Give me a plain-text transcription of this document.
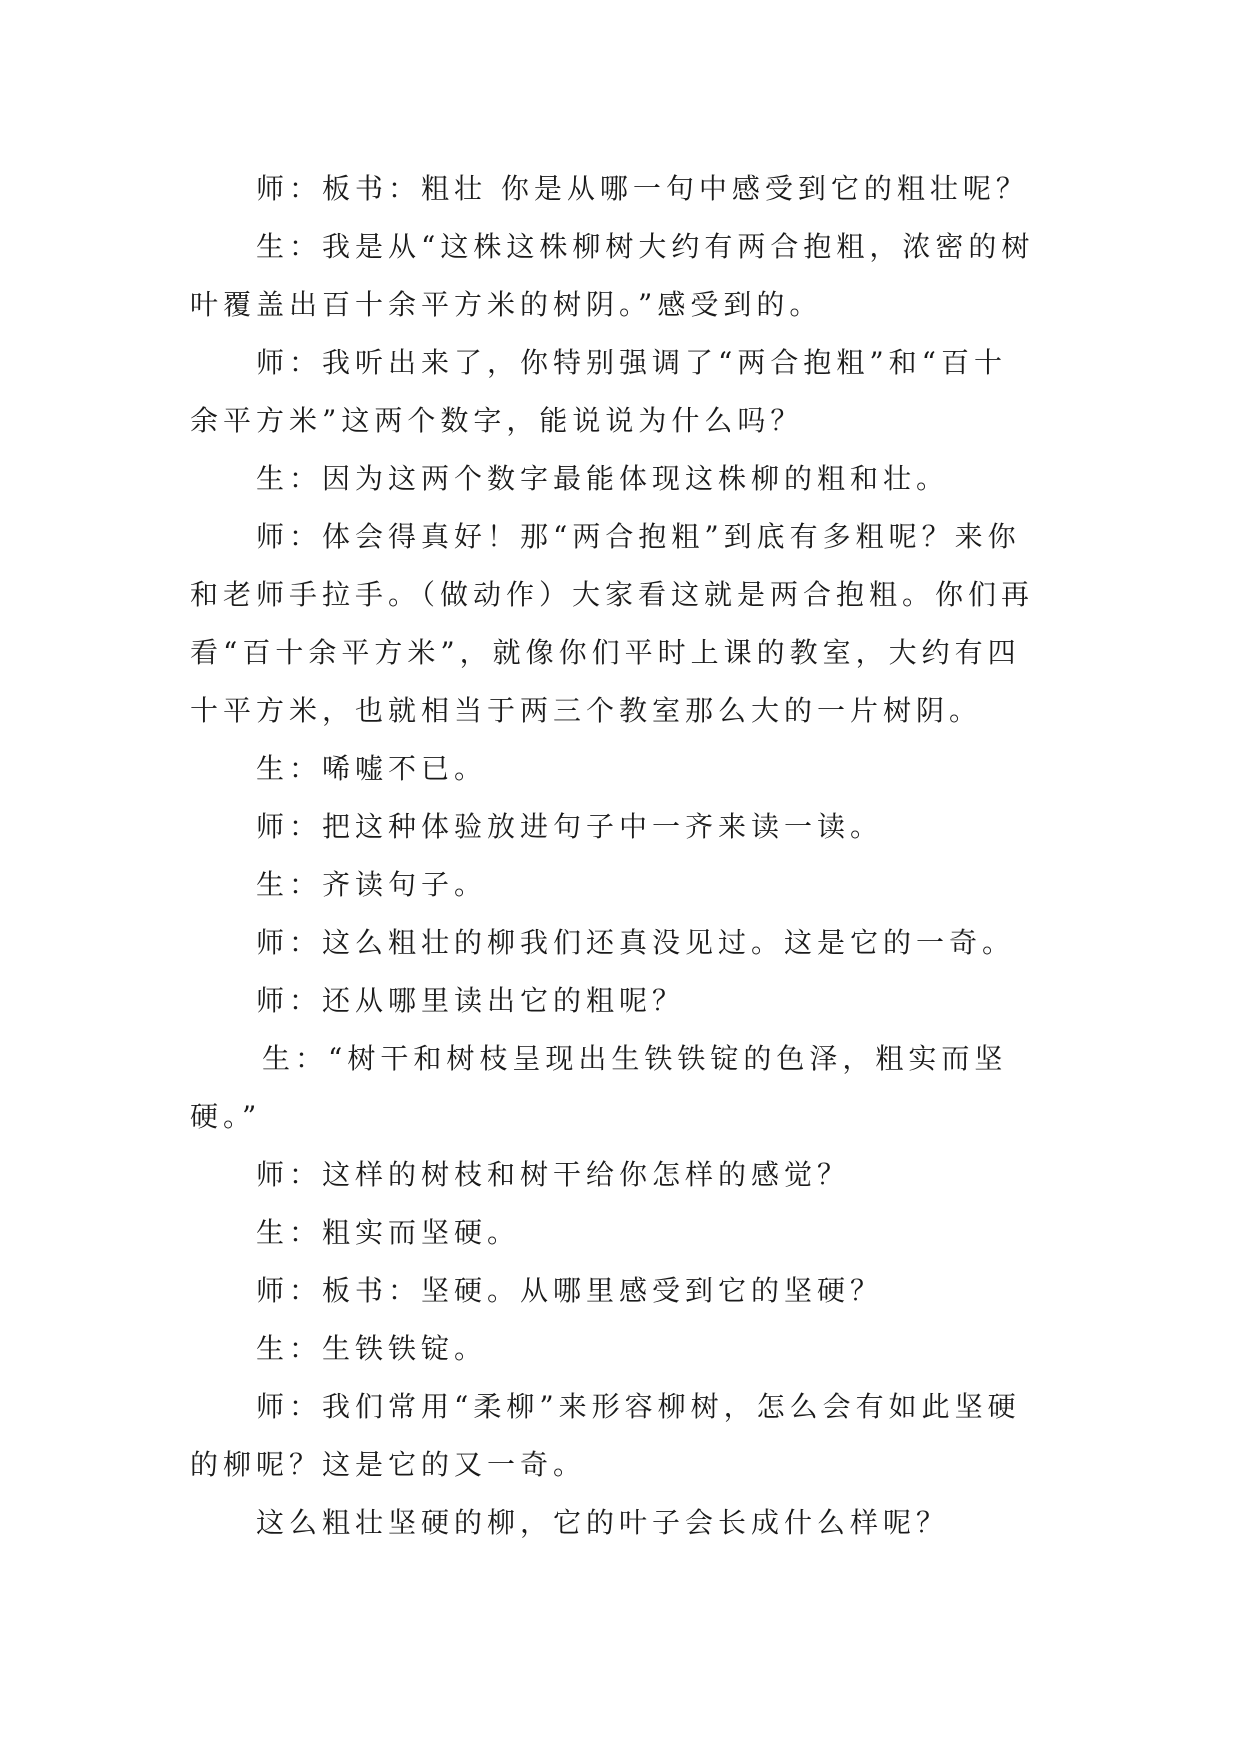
师：板书：粗壮 你是从哪一句中感受到它的粗壮呢？
生：我是从“这株这株柳树大约有两合抱粗，浓密的树
叶覆盖出百十余平方米的树阴。”感受到的。
师：我听出来了，你特别强调了“两合抱粗”和“百十
余平方米”这两个数字，能说说为什么吗？
生：因为这两个数字最能体现这株柳的粗和壮。
师：体会得真好！那“两合抱粗”到底有多粗呢？来你
和老师手拉手。（做动作）大家看这就是两合抱粗。你们再
看“百十余平方米”，就像你们平时上课的教室，大约有四
十平方米，也就相当于两三个教室那么大的一片树阴。
生：唏嘘不已。
师：把这种体验放进句子中一齐来读一读。
生：齐读句子。
师：这么粗壮的柳我们还真没见过。这是它的一奇。
师：还从哪里读出它的粗呢？
生：“树干和树枝呈现出生铁铁锭的色泽，粗实而坚
硬。”
师：这样的树枝和树干给你怎样的感觉？
生：粗实而坚硬。
师：板书：坚硬。从哪里感受到它的坚硬？
生：生铁铁锭。
师：我们常用“柔柳”来形容柳树，怎么会有如此坚硬
的柳呢？这是它的又一奇。
这么粗壮坚硬的柳，它的叶子会长成什么样呢？
